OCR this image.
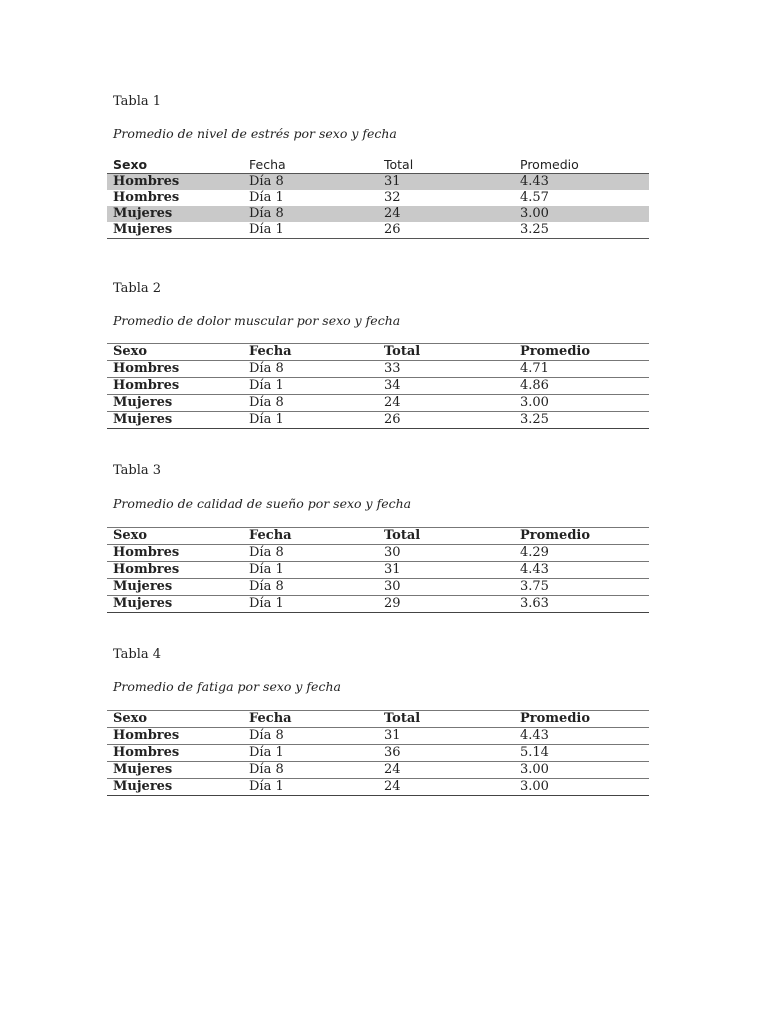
Tabla 1

Promedio de nivel de estrés por sexo y fecha

Sexo	Fecha	Total	Promedio
Hombres	Día 8	31	4.43
Hombres	Día 1	32	4.57
Mujeres	Día 8	24	3.00
Mujeres	Día 1	26	3.25

Tabla 2

Promedio de dolor muscular por sexo y fecha

Sexo	Fecha	Total	Promedio
Hombres	Día 8	33	4.71
Hombres	Día 1	34	4.86
Mujeres	Día 8	24	3.00
Mujeres	Día 1	26	3.25

Tabla 3

Promedio de calidad de sueño por sexo y fecha

Sexo	Fecha	Total	Promedio
Hombres	Día 8	30	4.29
Hombres	Día 1	31	4.43
Mujeres	Día 8	30	3.75
Mujeres	Día 1	29	3.63

Tabla 4

Promedio de fatiga por sexo y fecha

Sexo	Fecha	Total	Promedio
Hombres	Día 8	31	4.43
Hombres	Día 1	36	5.14
Mujeres	Día 8	24	3.00
Mujeres	Día 1	24	3.00
